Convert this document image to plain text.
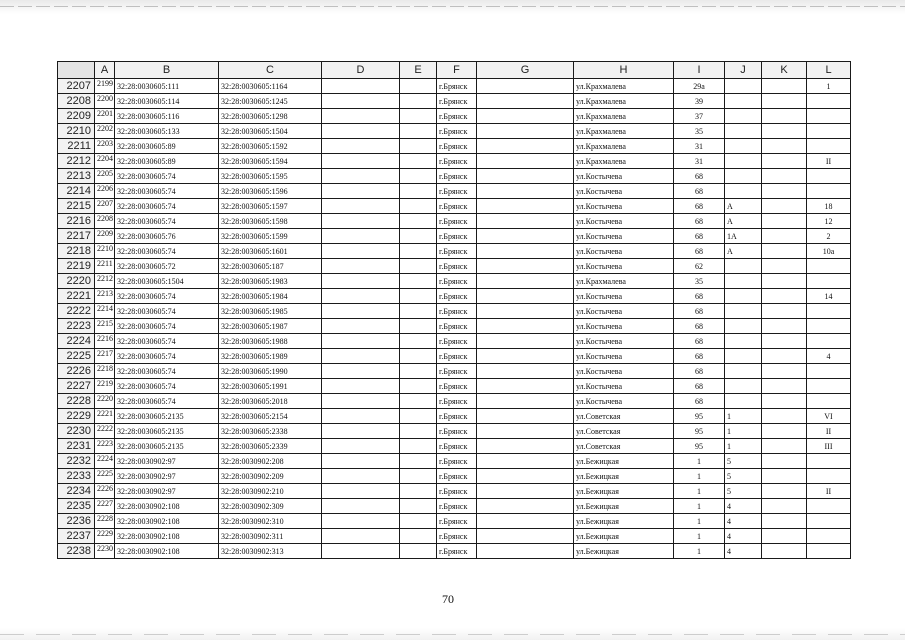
	A	B	C	D	E	F	G	H	I	J	K	L
2207	2199	32:28:0030605:111	32:28:0030605:1164			г.Брянск		ул.Крахмалева	29а			1
2208	2200	32:28:0030605:114	32:28:0030605:1245			г.Брянск		ул.Крахмалева	39			
2209	2201	32:28:0030605:116	32:28:0030605:1298			г.Брянск		ул.Крахмалева	37			
2210	2202	32:28:0030605:133	32:28:0030605:1504			г.Брянск		ул.Крахмалева	35			
2211	2203	32:28:0030605:89	32:28:0030605:1592			г.Брянск		ул.Крахмалева	31			
2212	2204	32:28:0030605:89	32:28:0030605:1594			г.Брянск		ул.Крахмалева	31			II
2213	2205	32:28:0030605:74	32:28:0030605:1595			г.Брянск		ул.Костычева	68			
2214	2206	32:28:0030605:74	32:28:0030605:1596			г.Брянск		ул.Костычева	68			
2215	2207	32:28:0030605:74	32:28:0030605:1597			г.Брянск		ул.Костычева	68	А		18
2216	2208	32:28:0030605:74	32:28:0030605:1598			г.Брянск		ул.Костычева	68	А		12
2217	2209	32:28:0030605:76	32:28:0030605:1599			г.Брянск		ул.Костычева	68	1А		2
2218	2210	32:28:0030605:74	32:28:0030605:1601			г.Брянск		ул.Костычева	68	А		10а
2219	2211	32:28:0030605:72	32:28:0030605:187			г.Брянск		ул.Костычева	62			
2220	2212	32:28:0030605:1504	32:28:0030605:1983			г.Брянск		ул.Крахмалева	35			
2221	2213	32:28:0030605:74	32:28:0030605:1984			г.Брянск		ул.Костычева	68			14
2222	2214	32:28:0030605:74	32:28:0030605:1985			г.Брянск		ул.Костычева	68			
2223	2215	32:28:0030605:74	32:28:0030605:1987			г.Брянск		ул.Костычева	68			
2224	2216	32:28:0030605:74	32:28:0030605:1988			г.Брянск		ул.Костычева	68			
2225	2217	32:28:0030605:74	32:28:0030605:1989			г.Брянск		ул.Костычева	68			4
2226	2218	32:28:0030605:74	32:28:0030605:1990			г.Брянск		ул.Костычева	68			
2227	2219	32:28:0030605:74	32:28:0030605:1991			г.Брянск		ул.Костычева	68			
2228	2220	32:28:0030605:74	32:28:0030605:2018			г.Брянск		ул.Костычева	68			
2229	2221	32:28:0030605:2135	32:28:0030605:2154			г.Брянск		ул.Советская	95	1		VI
2230	2222	32:28:0030605:2135	32:28:0030605:2338			г.Брянск		ул.Советская	95	1		II
2231	2223	32:28:0030605:2135	32:28:0030605:2339			г.Брянск		ул.Советская	95	1		III
2232	2224	32:28:0030902:97	32:28:0030902:208			г.Брянск		ул.Бежицкая	1	5		
2233	2225	32:28:0030902:97	32:28:0030902:209			г.Брянск		ул.Бежицкая	1	5		
2234	2226	32:28:0030902:97	32:28:0030902:210			г.Брянск		ул.Бежицкая	1	5		II
2235	2227	32:28:0030902:108	32:28:0030902:309			г.Брянск		ул.Бежицкая	1	4		
2236	2228	32:28:0030902:108	32:28:0030902:310			г.Брянск		ул.Бежицкая	1	4		
2237	2229	32:28:0030902:108	32:28:0030902:311			г.Брянск		ул.Бежицкая	1	4		
2238	2230	32:28:0030902:108	32:28:0030902:313			г.Брянск		ул.Бежицкая	1	4		
70
